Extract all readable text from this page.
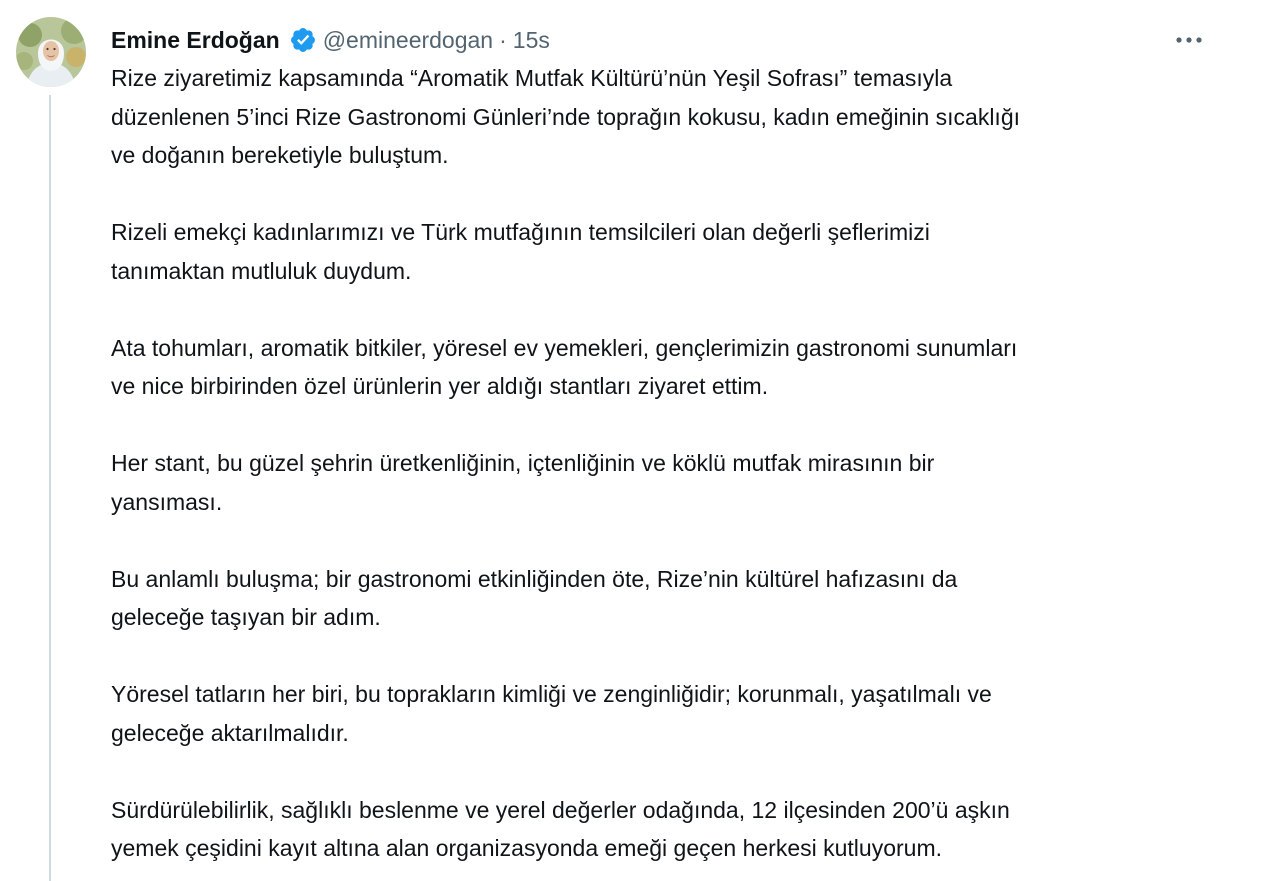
Emine Erdoğan @emineerdogan · 15s

Rize ziyaretimiz kapsamında “Aromatik Mutfak Kültürü’nün Yeşil Sofrası” temasıyla
düzenlenen 5’inci Rize Gastronomi Günleri’nde toprağın kokusu, kadın emeğinin sıcaklığı
ve doğanın bereketiyle buluştum.

Rizeli emekçi kadınlarımızı ve Türk mutfağının temsilcileri olan değerli şeflerimizi
tanımaktan mutluluk duydum.

Ata tohumları, aromatik bitkiler, yöresel ev yemekleri, gençlerimizin gastronomi sunumları
ve nice birbirinden özel ürünlerin yer aldığı stantları ziyaret ettim.

Her stant, bu güzel şehrin üretkenliğinin, içtenliğinin ve köklü mutfak mirasının bir
yansıması.

Bu anlamlı buluşma; bir gastronomi etkinliğinden öte, Rize’nin kültürel hafızasını da
geleceğe taşıyan bir adım.

Yöresel tatların her biri, bu toprakların kimliği ve zenginliğidir; korunmalı, yaşatılmalı ve
geleceğe aktarılmalıdır.

Sürdürülebilirlik, sağlıklı beslenme ve yerel değerler odağında, 12 ilçesinden 200’ü aşkın
yemek çeşidini kayıt altına alan organizasyonda emeği geçen herkesi kutluyorum.
